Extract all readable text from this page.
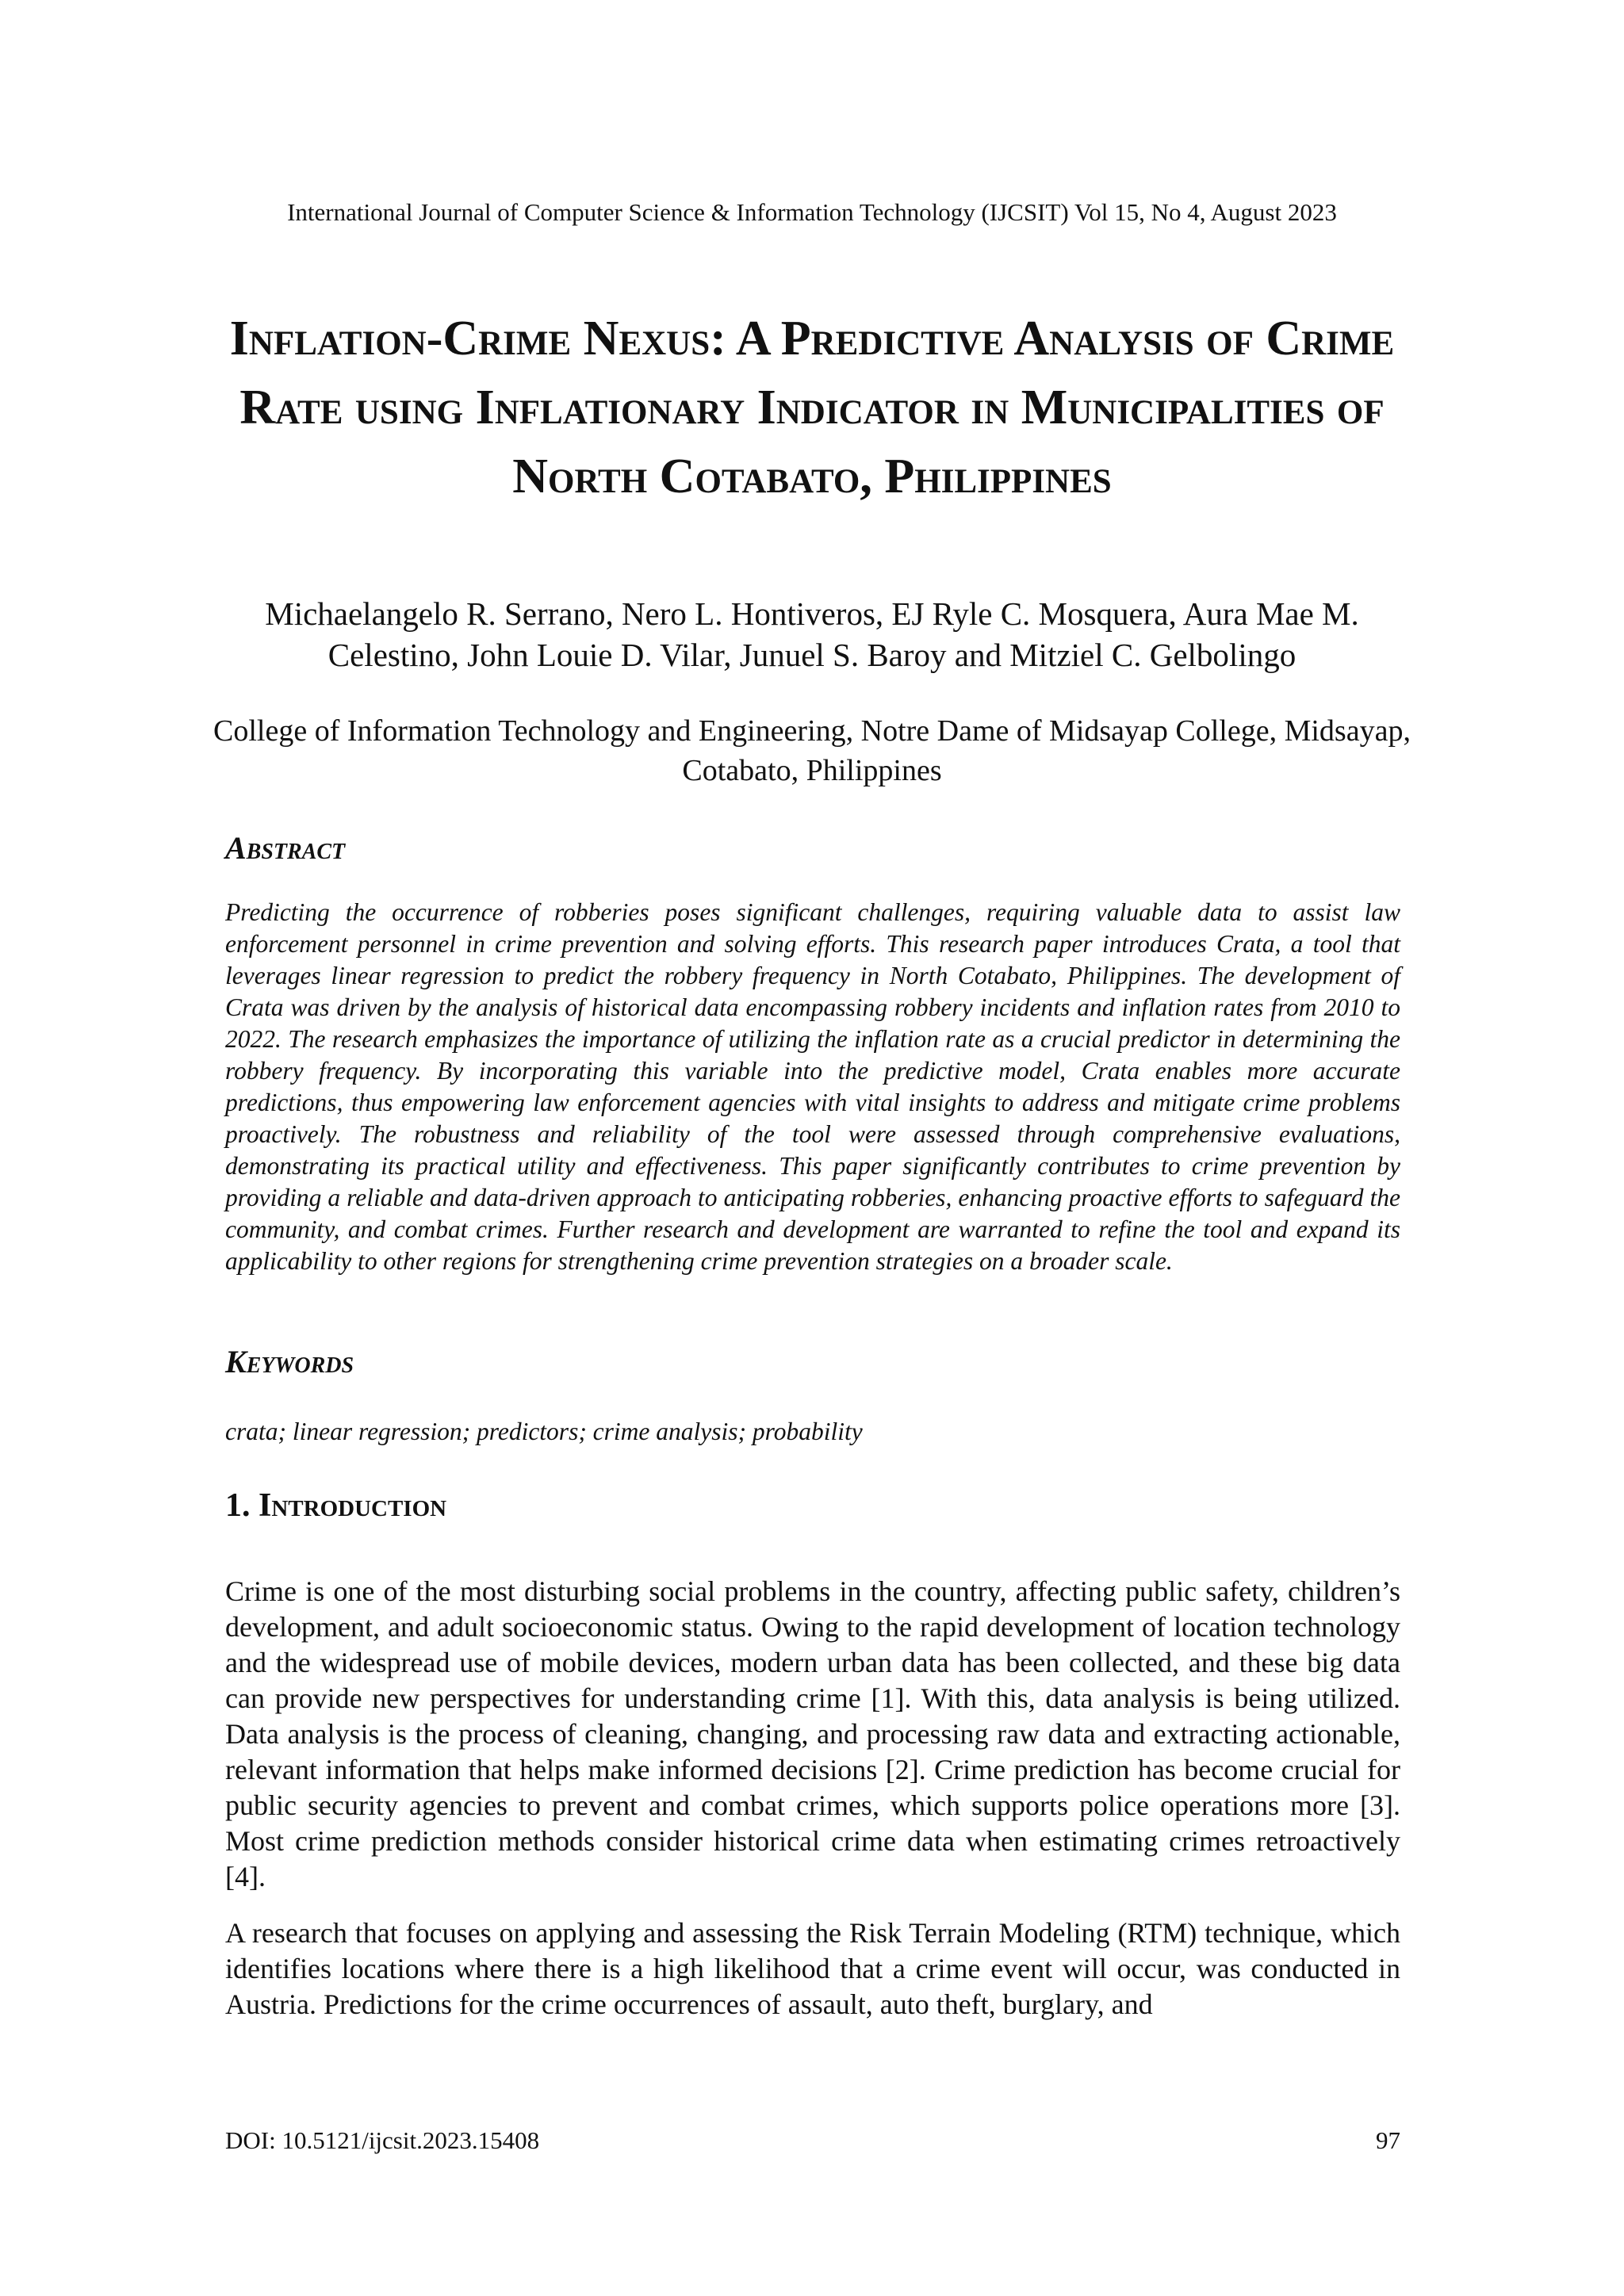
International Journal of Computer Science & Information Technology (IJCSIT) Vol 15, No 4, August 2023
Inflation-Crime Nexus: A Predictive Analysis of Crime Rate using Inflationary Indicator in Municipalities of North Cotabato, Philippines
Michaelangelo R. Serrano, Nero L. Hontiveros, EJ Ryle C. Mosquera, Aura Mae M. Celestino, John Louie D. Vilar, Junuel S. Baroy and Mitziel C. Gelbolingo
College of Information Technology and Engineering, Notre Dame of Midsayap College, Midsayap, Cotabato, Philippines
Abstract

Predicting the occurrence of robberies poses significant challenges, requiring valuable data to assist law enforcement personnel in crime prevention and solving efforts. This research paper introduces Crata, a tool that leverages linear regression to predict the robbery frequency in North Cotabato, Philippines. The development of Crata was driven by the analysis of historical data encompassing robbery incidents and inflation rates from 2010 to 2022. The research emphasizes the importance of utilizing the inflation rate as a crucial predictor in determining the robbery frequency. By incorporating this variable into the predictive model, Crata enables more accurate predictions, thus empowering law enforcement agencies with vital insights to address and mitigate crime problems proactively. The robustness and reliability of the tool were assessed through comprehensive evaluations, demonstrating its practical utility and effectiveness. This paper significantly contributes to crime prevention by providing a reliable and data-driven approach to anticipating robberies, enhancing proactive efforts to safeguard the community, and combat crimes. Further research and development are warranted to refine the tool and expand its applicability to other regions for strengthening crime prevention strategies on a broader scale.

Keywords

crata; linear regression; predictors; crime analysis; probability

1. Introduction

Crime is one of the most disturbing social problems in the country, affecting public safety, children’s development, and adult socioeconomic status. Owing to the rapid development of location technology and the widespread use of mobile devices, modern urban data has been collected, and these big data can provide new perspectives for understanding crime [1]. With this, data analysis is being utilized. Data analysis is the process of cleaning, changing, and processing raw data and extracting actionable, relevant information that helps make informed decisions [2]. Crime prediction has become crucial for public security agencies to prevent and combat crimes, which supports police operations more [3]. Most crime prediction methods consider historical crime data when estimating crimes retroactively [4].

A research that focuses on applying and assessing the Risk Terrain Modeling (RTM) technique, which identifies locations where there is a high likelihood that a crime event will occur, was conducted in Austria. Predictions for the crime occurrences of assault, auto theft, burglary, and

DOI: 10.5121/ijcsit.2023.15408	97
